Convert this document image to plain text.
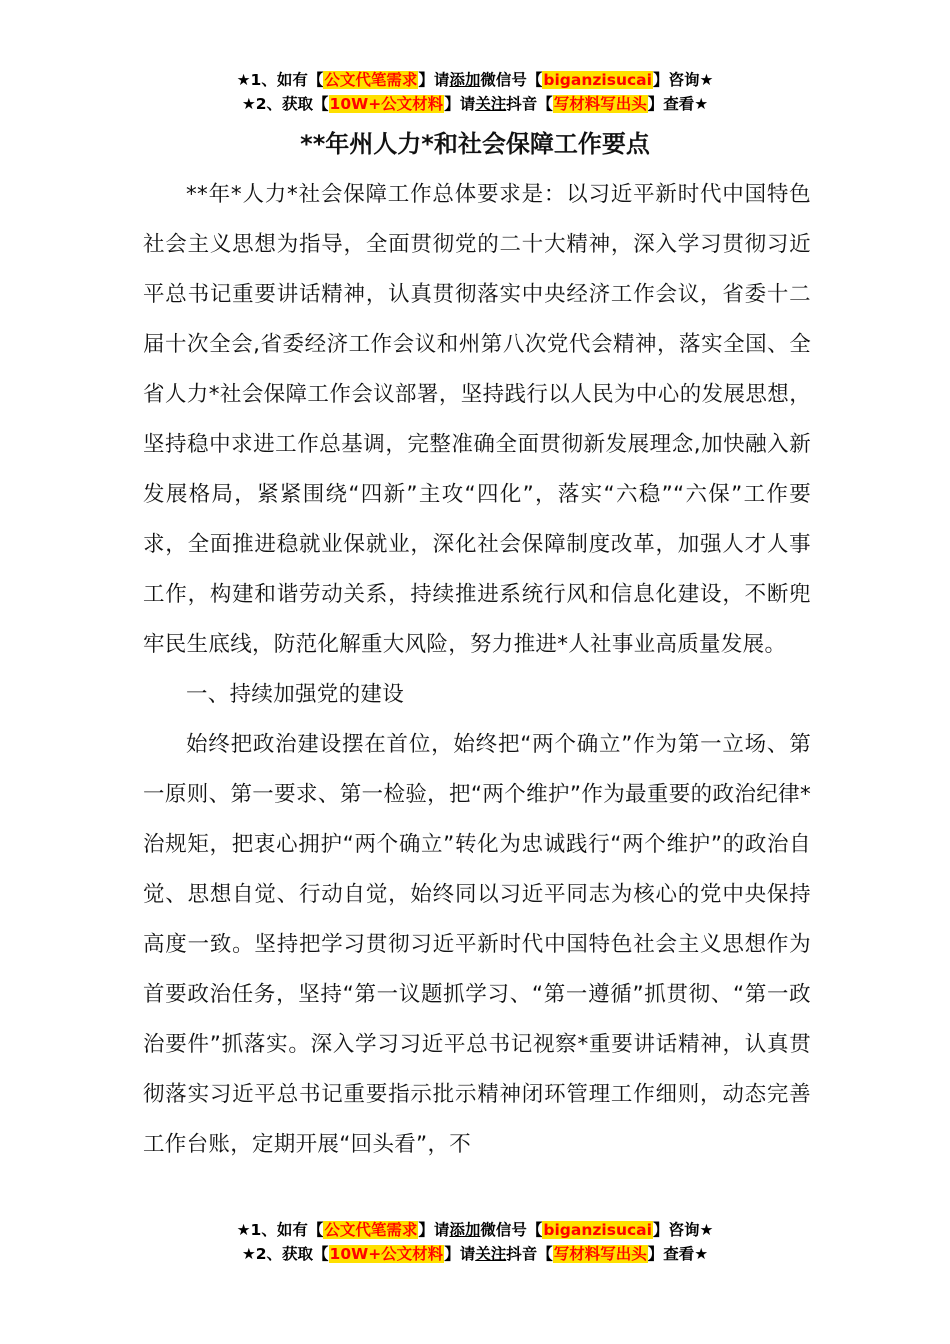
★1、如有【公文代笔需求】请添加微信号【biganzisucai】咨询★
★2、获取【10W+公文材料】请关注抖音【写材料写出头】查看★
**年州人力*和社会保障工作要点

**年*人力*社会保障工作总体要求是：以习近平新时代中国特色社会主义思想为指导，全面贯彻党的二十大精神，深入学习贯彻习近平总书记重要讲话精神，认真贯彻落实中央经济工作会议，省委十二届十次全会,省委经济工作会议和州第八次党代会精神，落实全国、全省人力*社会保障工作会议部署，坚持践行以人民为中心的发展思想，坚持稳中求进工作总基调，完整准确全面贯彻新发展理念,加快融入新发展格局，紧紧围绕“四新”主攻“四化”，落实“六稳”“六保”工作要求，全面推进稳就业保就业，深化社会保障制度改革，加强人才人事工作，构建和谐劳动关系，持续推进系统行风和信息化建设，不断兜牢民生底线，防范化解重大风险，努力推进*人社事业高质量发展。

一、持续加强党的建设

始终把政治建设摆在首位，始终把“两个确立”作为第一立场、第一原则、第一要求、第一检验，把“两个维护”作为最重要的政治纪律*治规矩，把衷心拥护“两个确立”转化为忠诚践行“两个维护”的政治自觉、思想自觉、行动自觉，始终同以习近平同志为核心的党中央保持高度一致。坚持把学习贯彻习近平新时代中国特色社会主义思想作为首要政治任务，坚持“第一议题抓学习、“第一遵循”抓贯彻、“第一政治要件”抓落实。深入学习习近平总书记视察*重要讲话精神，认真贯彻落实习近平总书记重要指示批示精神闭环管理工作细则，动态完善工作台账，定期开展“回头看”，不

★1、如有【公文代笔需求】请添加微信号【biganzisucai】咨询★
★2、获取【10W+公文材料】请关注抖音【写材料写出头】查看★
